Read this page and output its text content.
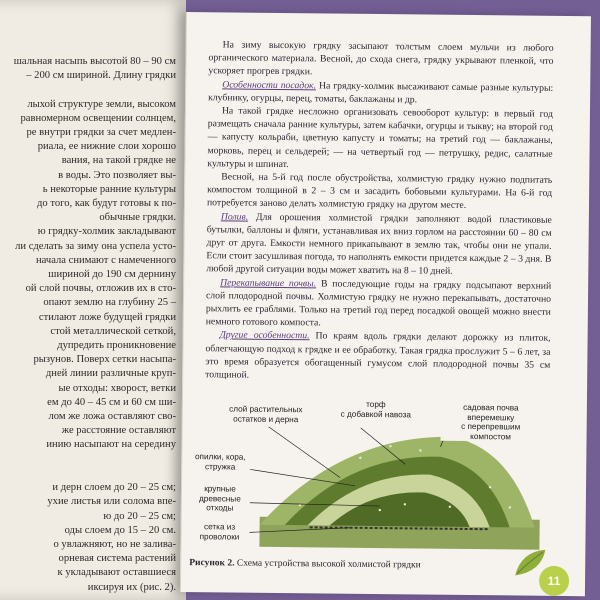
шальная насыпь высотой 80 – 90 см
– 200 см шириной. Длину грядки

лыхой структуре земли, высоком
равномерном освещении солнцем,
ре внутри грядки за счет медлен-
риала, ее нижние слои хорошо
вания, на такой грядке не
в воды. Это позволяет вы-
ь некоторые ранние культуры
до того, как будут готовы к по-
обычные грядки.
ю грядку-холмик закладывают
ли сделать за зиму она успела усто-
начала снимают с намеченного
шириной до 190 см дернину
ой слой почвы, отложив их в сто-
опают землю на глубину 25 –
стилают ложе будущей грядки
стой металлической сеткой,
дупредить проникновение
рызунов. Поверх сетки насыпа-
дней линии различные круп-
ые отходы: хворост, ветки
ем до 40 – 45 см и 60 см ши-
лом же ложа оставляют сво-
же расстояние оставляют
инию насыпают на середину

и дерн слоем до 20 – 25 см;
ухие листья или солома впе-
ю до 20 – 25 см;
оды слоем до 15 – 20 см.
о увлажняют, но не залива-
орневая система растений
к укладывают оставшиеся
иксируя их (рис. 2).

На зиму высокую грядку засыпают толстым слоем мульчи из любого органического материала. Весной, до схода снега, грядку укрывают пленкой, что ускоряет прогрев грядки.

Особенности посадок. На грядку-холмик высаживают самые разные культуры: клубнику, огурцы, перец, томаты, баклажаны и др.

На такой грядке несложно организовать севооборот культур: в первый год размещать сначала ранние культуры, затем кабачки, огурцы и тыкву; на второй год — капусту кольраби, цветную капусту и томаты; на третий год — баклажаны, морковь, перец и сельдерей; — на четвертый год — петрушку, редис, салатные культуры и шпинат.

Весной, на 5-й год после обустройства, холмистую грядку нужно подпитать компостом толщиной в 2 – 3 см и засадить бобовыми культурами. На 6-й год потребуется заново делать холмистую грядку на другом месте.

Полив. Для орошения холмистой грядки заполняют водой пластиковые бутылки, баллоны и фляги, устанавливая их вниз горлом на расстоянии 60 – 80 см друг от друга. Емкости немного прикапывают в землю так, чтобы они не упали. Если стоит засушливая погода, то наполнять емкости придется каждые 2 – 3 дня. В любой другой ситуации воды может хватить на 8 – 10 дней.

Перекапывание почвы. В последующие годы на грядку подсыпают верхний слой плодородной почвы. Холмистую грядку не нужно перекапывать, достаточно рыхлить ее граблями. Только на третий год перед посадкой овощей можно внести немного готового компоста.

Другие особенности. По краям вдоль грядки делают дорожку из плиток, облегчающую подход к грядке и ее обработку. Такая грядка прослужит 5 – 6 лет, за это время образуется обогащенный гумусом слой плодородной почвы 35 см толщиной.

слой растительных
остатков и дерна
торф
с добавкой навоза
садовая почва
вперемешку
с перепревшим
компостом
опилки, кора,
стружка
крупные
древесные
отходы
сетка из
проволоки
Рисунок 2. Схема устройства высокой холмистой грядки
11
